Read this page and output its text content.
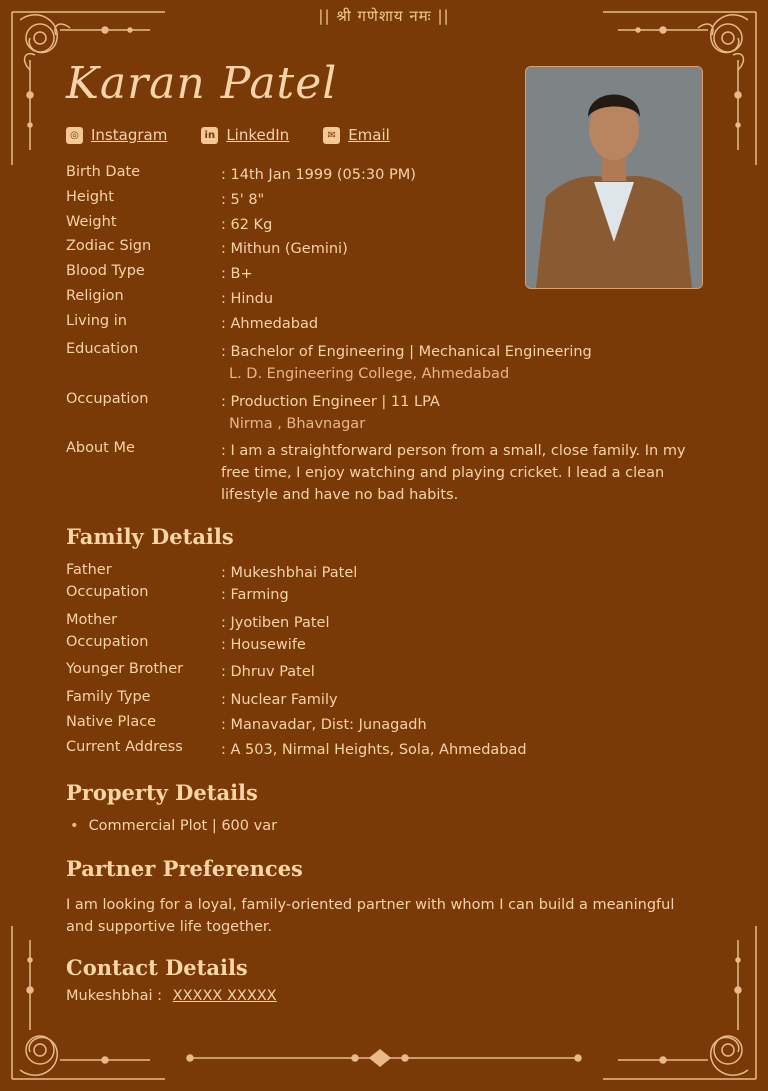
|| श्री गणेशाय नमः ||
Karan Patel
◎ Instagram	in LinkedIn	✉ Email
Birth Date	: 14th Jan 1999 (05:30 PM)
Height	: 5' 8"
Weight	: 62 Kg
Zodiac Sign	: Mithun (Gemini)
Blood Type	: B+
Religion	: Hindu
Living in	: Ahmedabad
Education	: Bachelor of Engineering | Mechanical Engineering
L. D. Engineering College, Ahmedabad
Occupation	: Production Engineer | 11 LPA
Nirma , Bhavnagar
About Me	: I am a straightforward person from a small, close family. In my free time, I enjoy watching and playing cricket. I lead a clean lifestyle and have no bad habits.
Family Details
Father	: Mukeshbhai Patel
Occupation	: Farming
Mother	: Jyotiben Patel
Occupation	: Housewife
Younger Brother	: Dhruv Patel
Family Type	: Nuclear Family
Native Place	: Manavadar, Dist: Junagadh
Current Address	: A 503, Nirmal Heights, Sola, Ahmedabad
Property Details
• Commercial Plot | 600 var
Partner Preferences
I am looking for a loyal, family-oriented partner with whom I can build a meaningful and supportive life together.
Contact Details
Mukeshbhai : XXXXX XXXXX
